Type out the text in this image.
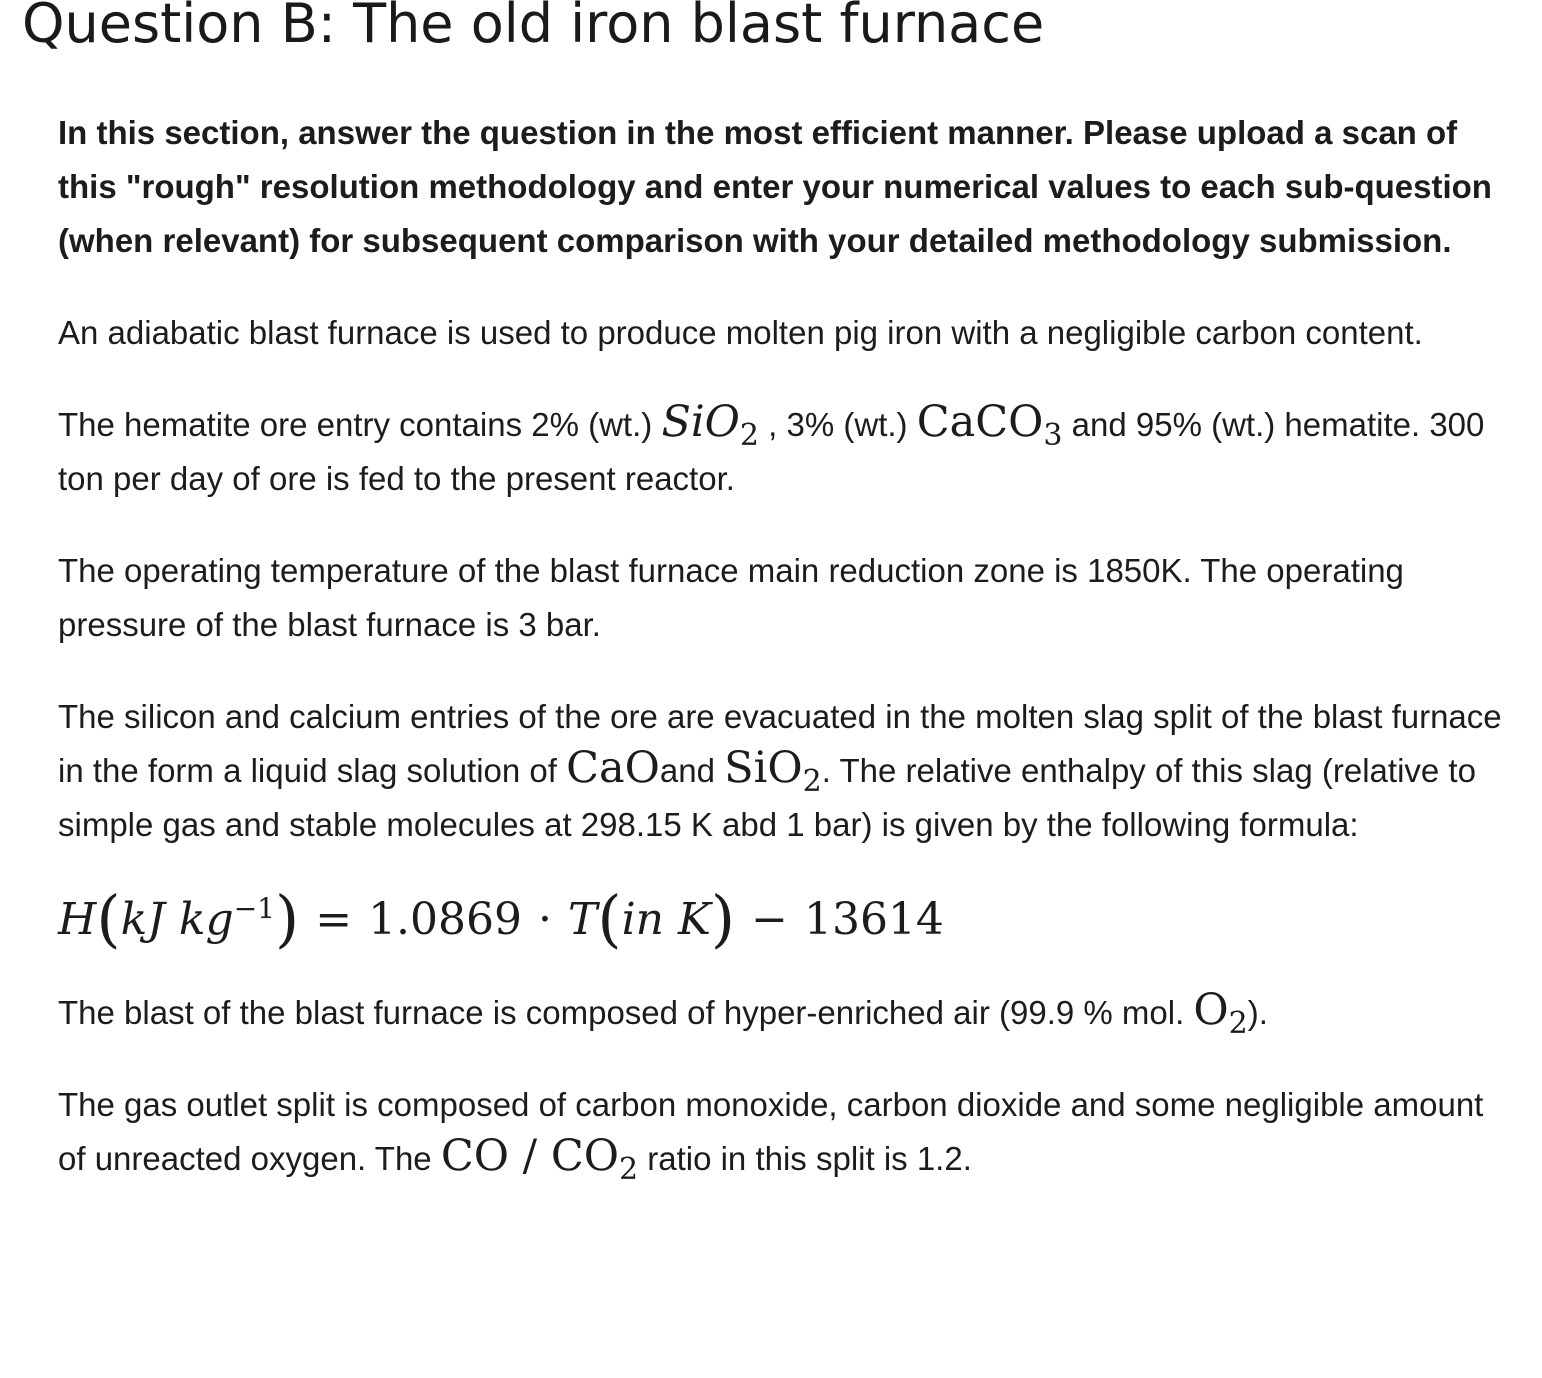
Question B: The old iron blast furnace

In this section, answer the question in the most efficient manner. Please upload a scan of this "rough" resolution methodology and enter your numerical values to each sub-question (when relevant) for subsequent comparison with your detailed methodology submission.

An adiabatic blast furnace is used to produce molten pig iron with a negligible carbon content.

The hematite ore entry contains 2% (wt.) SiO$_2$ , 3% (wt.) CaCO$_3$ and 95% (wt.) hematite. 300 ton per day of ore is fed to the present reactor.

The operating temperature of the blast furnace main reduction zone is 1850K. The operating pressure of the blast furnace is 3 bar.

The silicon and calcium entries of the ore are evacuated in the molten slag split of the blast furnace in the form a liquid slag solution of CaOand SiO$_2$. The relative enthalpy of this slag (relative to simple gas and stable molecules at 298.15 K abd 1 bar) is given by the following formula:

H(kJ $kg^{-1}) = 1.0869 \cdot T(in$ K) − 13614

The blast of the blast furnace is composed of hyper-enriched air (99.9 % mol. $O_2$).

The gas outlet split is composed of carbon monoxide, carbon dioxide and some negligible amount of unreacted oxygen. The CO / $CO_2$ ratio in this split is 1.2.
